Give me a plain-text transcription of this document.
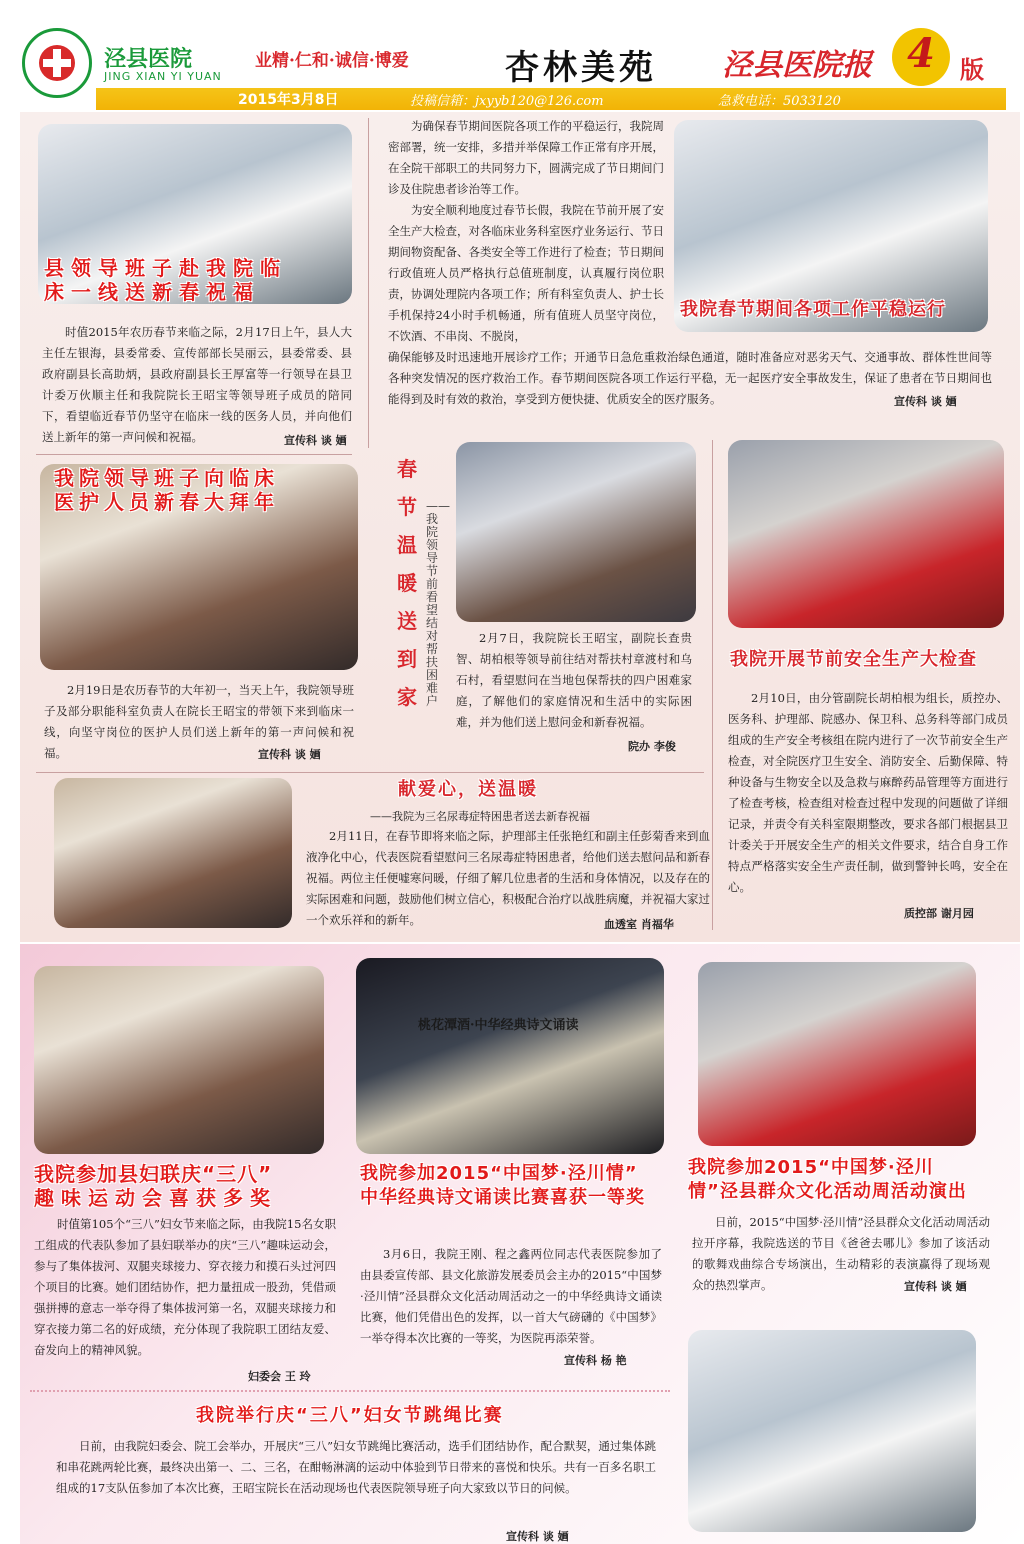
泾县医院
JING XIAN YI YUAN
业精·仁和·诚信·博爱	杏林美苑 泾县医院报 4	版
2015年3月8日	投稿信箱：jxyyb120@126.com	急救电话：5033120
县领导班子赴我院临
床一线送新春祝福
时值2015年农历春节来临之际，2月17日上午，县人大主任左银海，县委常委、宣传部部长吴丽云，县委常委、县政府副县长高助炳，县政府副县长王厚富等一行领导在县卫计委万伙顺主任和我院院长王昭宝等领导班子成员的陪同下，看望临近春节仍坚守在临床一线的医务人员，并向他们送上新年的第一声问候和祝福。	宣传科 谈 婳
为确保春节期间医院各项工作的平稳运行，我院周密部署，统一安排，多措并举保障工作正常有序开展，在全院干部职工的共同努力下，圆满完成了节日期间门诊及住院患者诊治等工作。
为安全顺利地度过春节长假，我院在节前开展了安全生产大检查，对各临床业务科室医疗业务运行、节日期间物资配备、各类安全等工作进行了检查；节日期间行政值班人员严格执行总值班制度，认真履行岗位职责，协调处理院内各项工作；所有科室负责人、护士长手机保持24小时手机畅通，所有值班人员坚守岗位，不饮酒、不串岗、不脱岗，
我院春节期间各项工作平稳运行
确保能够及时迅速地开展诊疗工作；开通节日急危重救治绿色通道，随时准备应对恶劣天气、交通事故、群体性世间等各种突发情况的医疗救治工作。春节期间医院各项工作运行平稳，无一起医疗安全事故发生，保证了患者在节日期间也能得到及时有效的救治，享受到方便快捷、优质安全的医疗服务。	宣传科 谈 婳
我院领导班子向临床
医护人员新春大拜年
2月19日是农历春节的大年初一，当天上午，我院领导班子及部分职能科室负责人在院长王昭宝的带领下来到临床一线，向坚守岗位的医护人员们送上新年的第一声问候和祝福。	宣传科 谈 婳
春节温暖送到家
——我院领导节前看望结对帮扶困难户
2月7日，我院院长王昭宝，副院长查贵智、胡柏根等领导前往结对帮扶村章渡村和乌石村，看望慰问在当地包保帮扶的四户困难家庭，了解他们的家庭情况和生活中的实际困难，并为他们送上慰问金和新春祝福。
院办 李俊
我院开展节前安全生产大检查
2月10日，由分管副院长胡柏根为组长，质控办、医务科、护理部、院感办、保卫科、总务科等部门成员组成的生产安全考核组在院内进行了一次节前安全生产检查，对全院医疗卫生安全、消防安全、后勤保障、特种设备与生物安全以及急救与麻醉药品管理等方面进行了检查考核，检查组对检查过程中发现的问题做了详细记录，并责令有关科室限期整改，要求各部门根据县卫计委关于开展安全生产的相关文件要求，结合自身工作特点严格落实安全生产责任制，做到警钟长鸣，安全在心。
质控部 谢月园
献爱心，送温暖
——我院为三名尿毒症特困患者送去新春祝福
2月11日，在春节即将来临之际，护理部主任张艳红和副主任彭菊香来到血液净化中心，代表医院看望慰问三名尿毒症特困患者，给他们送去慰问品和新春祝福。两位主任便嘘寒问暖，仔细了解几位患者的生活和身体情况，以及存在的实际困难和问题，鼓励他们树立信心，积极配合治疗以战胜病魔，并祝福大家过一个欢乐祥和的新年。	血透室 肖福华
我院参加县妇联庆“三八”
趣味运动会喜获多奖
时值第105个“三八”妇女节来临之际，由我院15名女职工组成的代表队参加了县妇联举办的庆“三八”趣味运动会，参与了集体拔河、双腿夹球接力、穿衣接力和摸石头过河四个项目的比赛。她们团结协作，把力量扭成一股劲，凭借顽强拼搏的意志一举夺得了集体拔河第一名，双腿夹球接力和穿衣接力第二名的好成绩，充分体现了我院职工团结友爱、奋发向上的精神风貌。
妇委会 王 玲
桃花潭酒·中华经典诗文诵读
我院参加2015“中国梦·泾川情”
中华经典诗文诵读比赛喜获一等奖
3月6日，我院王刚、程之鑫两位同志代表医院参加了由县委宣传部、县文化旅游发展委员会主办的2015“中国梦·泾川情”泾县群众文化活动周活动之一的中华经典诗文诵读比赛，他们凭借出色的发挥，以一首大气磅礴的《中国梦》一举夺得本次比赛的一等奖，为医院再添荣誉。
宣传科 杨 艳
我院参加2015“中国梦·泾川
情”泾县群众文化活动周活动演出
日前，2015“中国梦·泾川情”泾县群众文化活动周活动拉开序幕，我院选送的节目《爸爸去哪儿》参加了该活动的歌舞戏曲综合专场演出，生动精彩的表演赢得了现场观众的热烈掌声。	宣传科 谈 婳
我院举行庆“三八”妇女节跳绳比赛
日前，由我院妇委会、院工会举办，开展庆“三八”妇女节跳绳比赛活动，选手们团结协作，配合默契，通过集体跳和串花跳两轮比赛，最终决出第一、二、三名，在酣畅淋漓的运动中体验到节日带来的喜悦和快乐。共有一百多名职工组成的17支队伍参加了本次比赛，王昭宝院长在活动现场也代表医院领导班子向大家致以节日的问候。
宣传科 谈 婳
